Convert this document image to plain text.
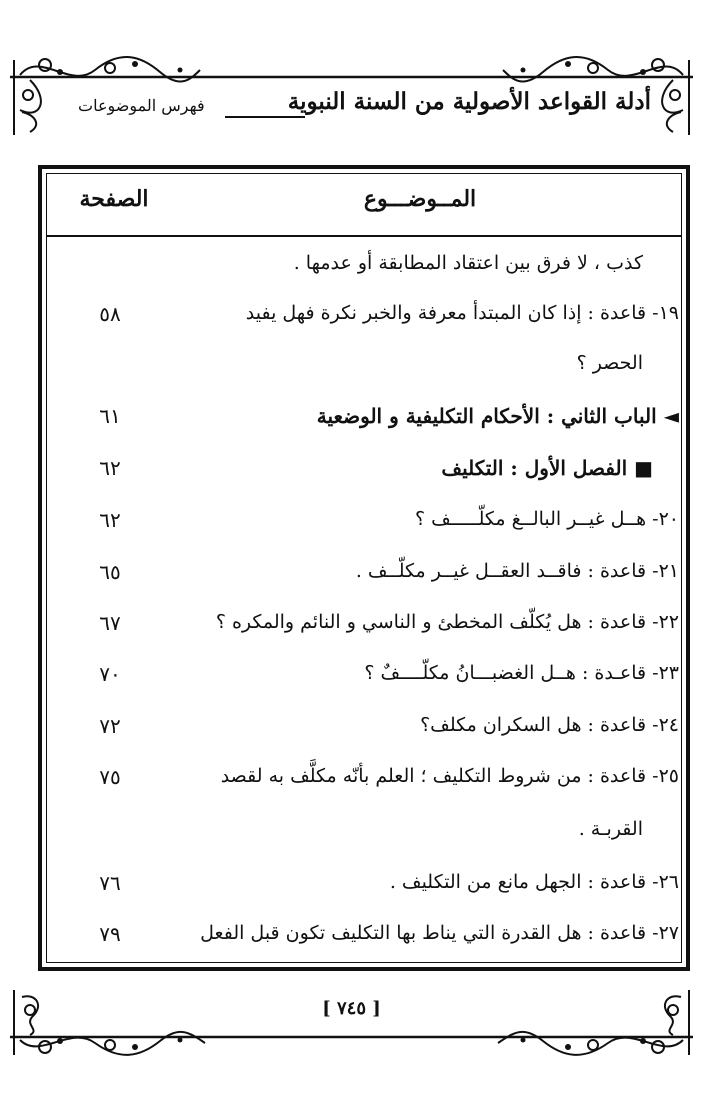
أدلة القواعد الأصولية من السنة النبوية
فهرس الموضوعات
المــوضـــوع
الصفحة
كذب ، لا فرق بين اعتقاد المطابقة أو عدمها .
١٩- قاعدة : إذا كان المبتدأ معرفة والخبر نكرة فهل يفيد
٥٨
الحصر ؟
◄ الباب الثاني : الأحكام التكليفية و الوضعية
٦١
■ الفصل الأول : التكليف
٦٢
٢٠- هــل غيــر البالــغ مكلّـــــف ؟
٦٢
٢١- قاعدة : فاقــد العقــل غيــر مكلّــف .
٦٥
٢٢- قاعدة : هل يُكلّف المخطئ و الناسي و النائم والمكره ؟
٦٧
٢٣- قاعـدة : هــل الغضبـــانُ مكلّــــفٌ ؟
٧٠
٢٤- قاعدة : هل السكران مكلف؟
٧٢
٢٥- قاعدة : من شروط التكليف ؛ العلم بأنّه مكلَّف به لقصد
٧٥
القربـة .
٢٦- قاعدة : الجهل مانع من التكليف .
٧٦
٢٧- قاعدة : هل القدرة التي يناط بها التكليف تكون قبل الفعل
٧٩
[ ٧٤٥ ]
